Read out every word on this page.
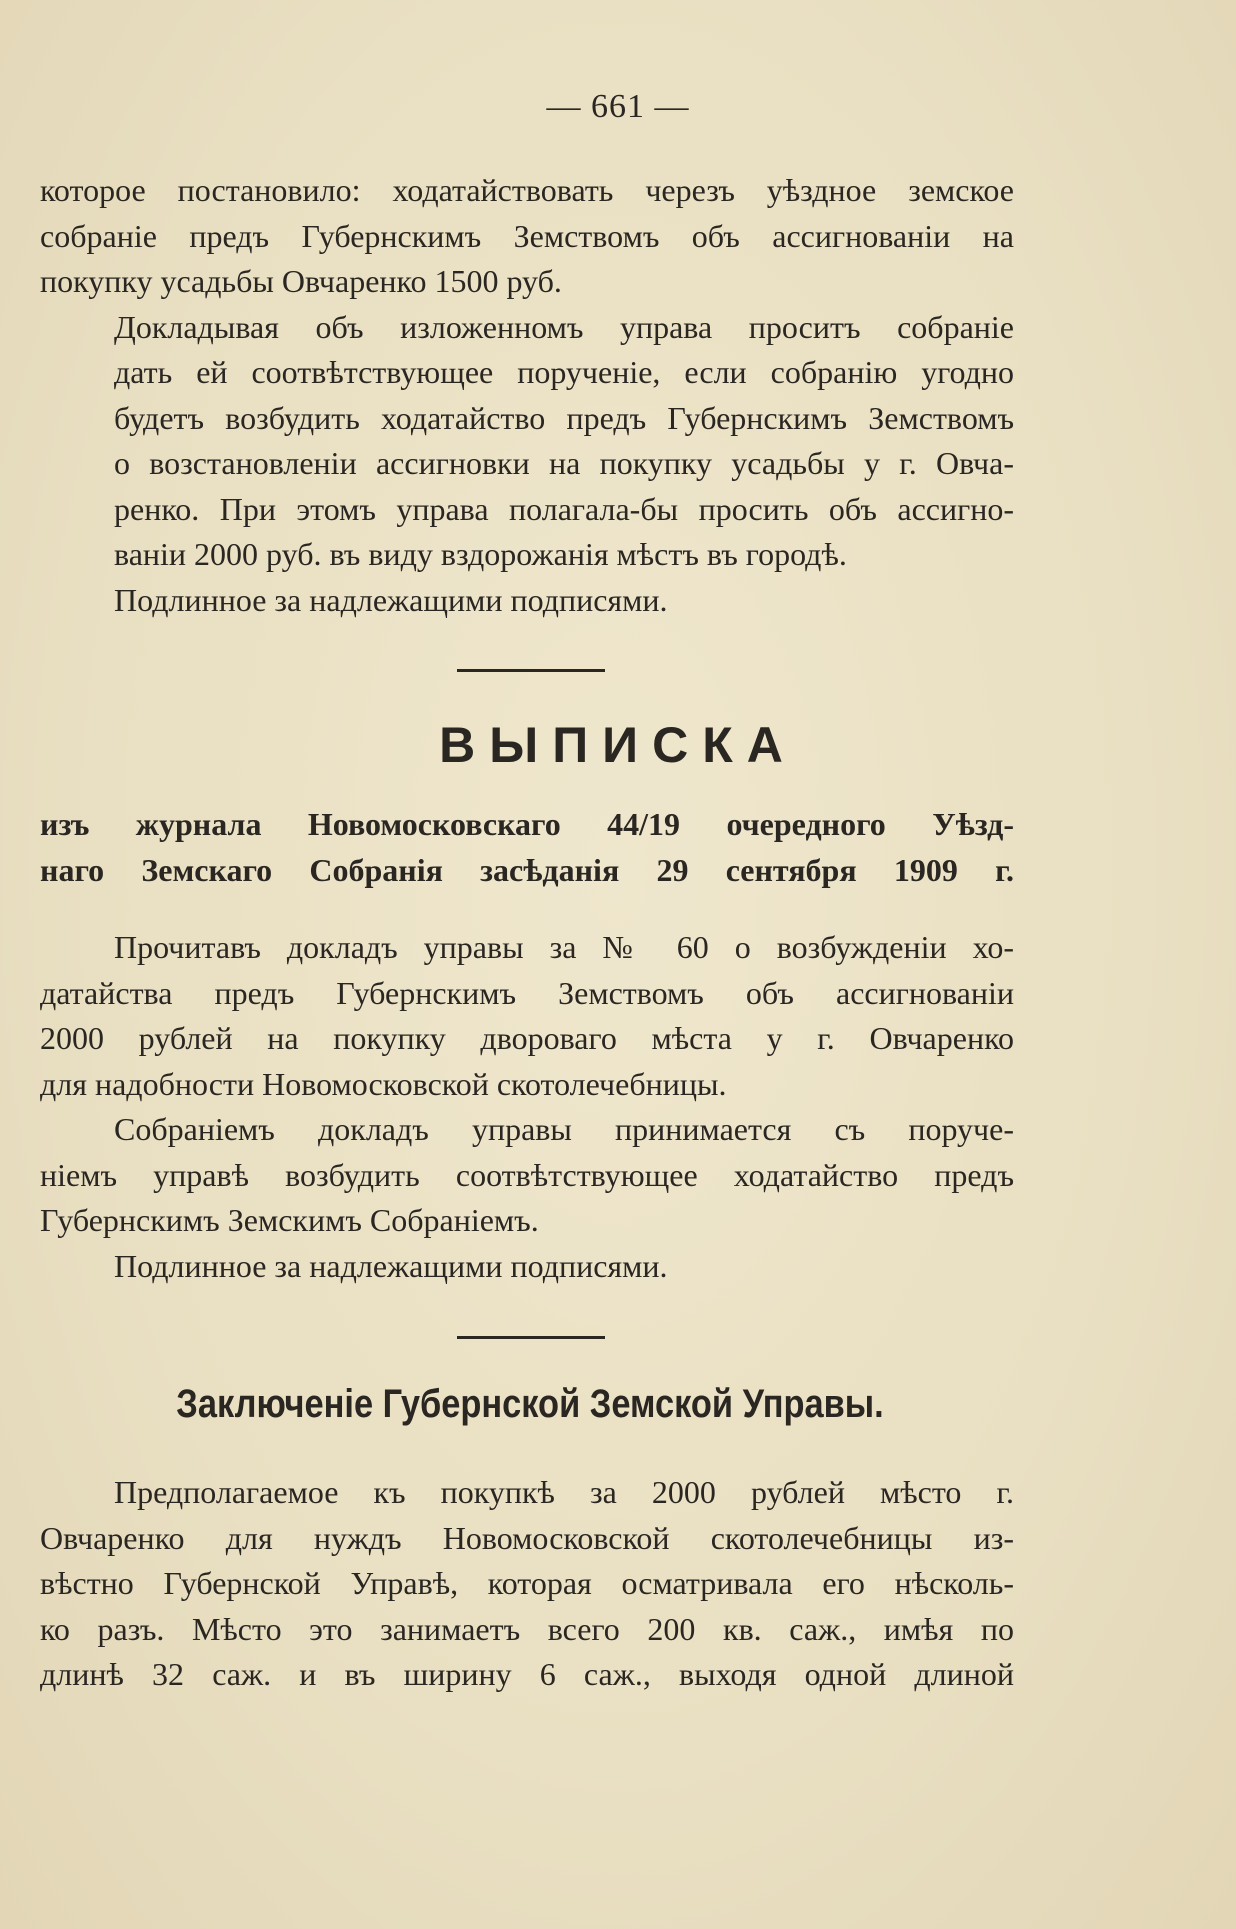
— 661 —

которое постановило: ходатайствовать черезъ уѣздное земское
собраніе предъ Губернскимъ Земствомъ объ ассигнованіи на
покупку усадьбы Овчаренко 1500 руб.

Докладывая объ изложенномъ управа проситъ собраніе
дать ей соотвѣтствующее порученіе, если собранію угодно
будетъ возбудить ходатайство предъ Губернскимъ Земствомъ
о возстановленіи ассигновки на покупку усадьбы у г. Овча-
ренко. При этомъ управа полагала-бы просить объ ассигно-
ваніи 2000 руб. въ виду вздорожанія мѣстъ въ городѣ.

Подлинное за надлежащими подписями.

ВЫПИСКА
изъ журнала Новомосковскаго 44/19 очередного Уѣзд-
наго Земскаго Собранія засѣданія 29 сентября 1909 г.

Прочитавъ докладъ управы за № 60 о возбужденіи хо-
датайства предъ Губернскимъ Земствомъ объ ассигнованіи
2000 рублей на покупку двороваго мѣста у г. Овчаренко
для надобности Новомосковской скотолечебницы.

Собраніемъ докладъ управы принимается съ поруче-
ніемъ управѣ возбудить соотвѣтствующее ходатайство предъ
Губернскимъ Земскимъ Собраніемъ.

Подлинное за надлежащими подписями.

Заключеніе Губернской Земской Управы.

Предполагаемое къ покупкѣ за 2000 рублей мѣсто г.
Овчаренко для нуждъ Новомосковской скотолечебницы из-
вѣстно Губернской Управѣ, которая осматривала его нѣсколь-
ко разъ. Мѣсто это занимаетъ всего 200 кв. саж., имѣя по
длинѣ 32 саж. и въ ширину 6 саж., выходя одной длиной
